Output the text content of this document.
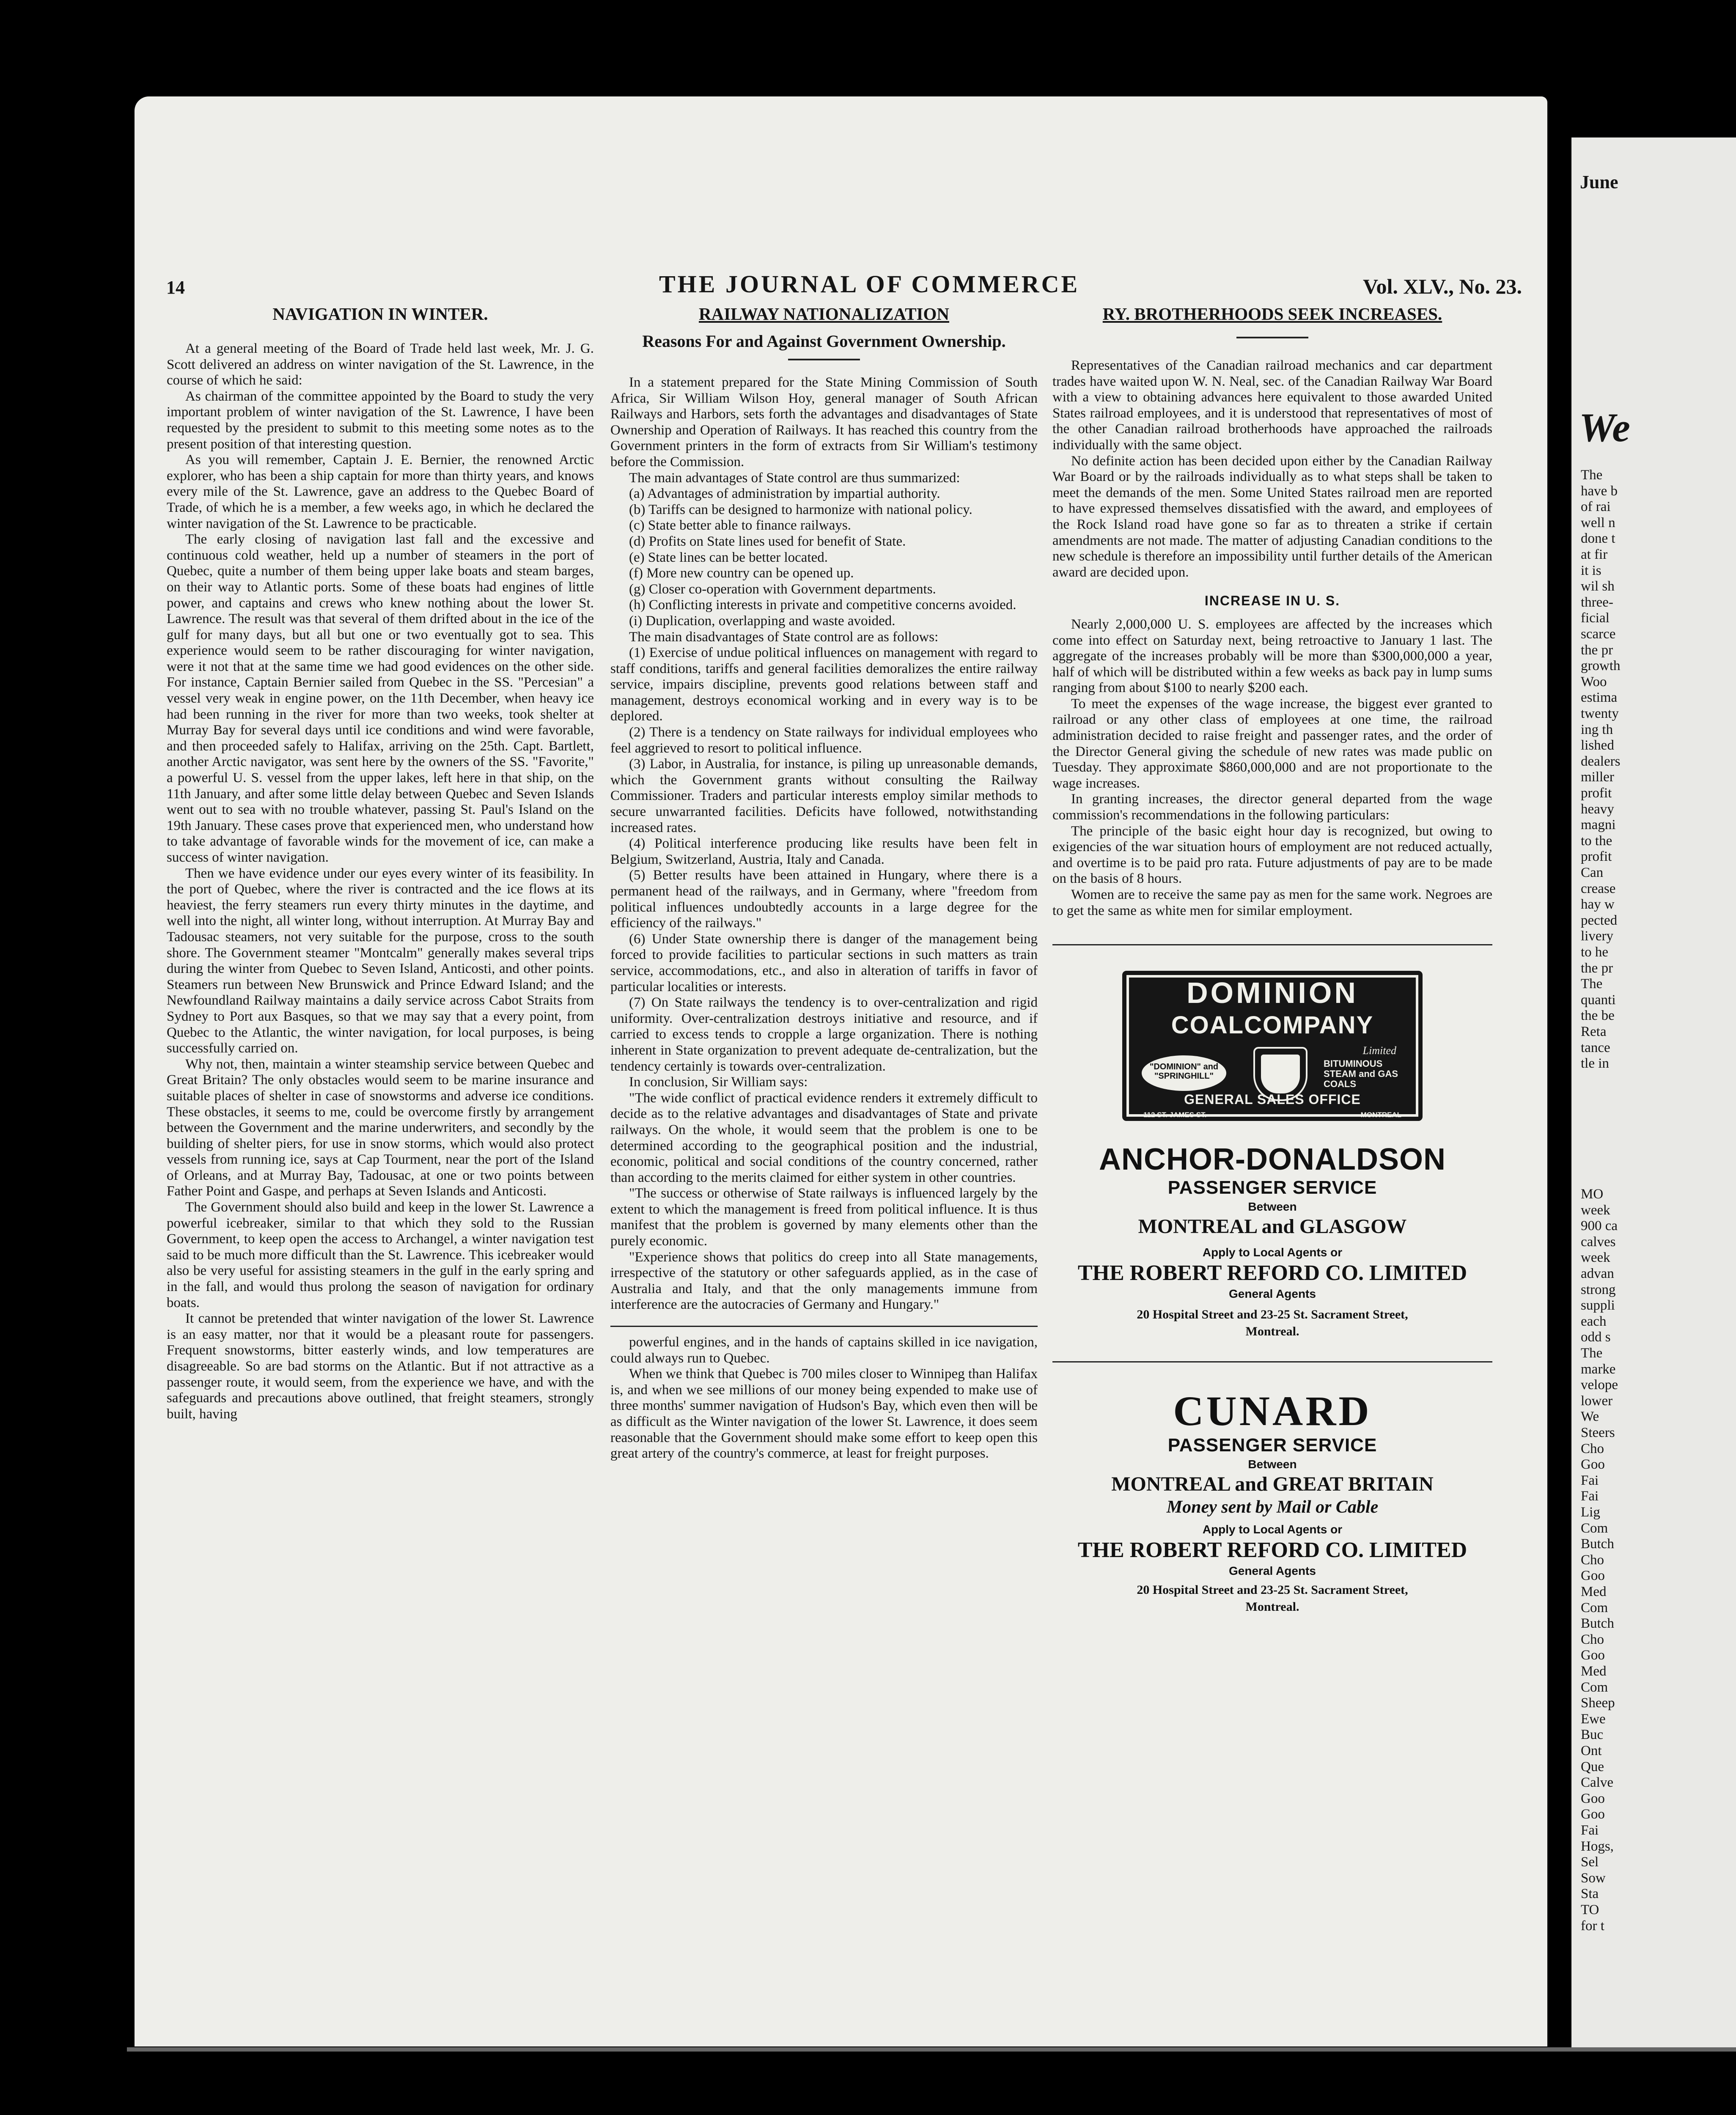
14	THE JOURNAL OF COMMERCE	Vol. XLV., No. 23.
NAVIGATION IN WINTER.

At a general meeting of the Board of Trade held last week, Mr. J. G. Scott delivered an address on winter navigation of the St. Lawrence, in the course of which he said:

As chairman of the committee appointed by the Board to study the very important problem of winter navigation of the St. Lawrence, I have been requested by the president to submit to this meeting some notes as to the present position of that interesting question.

As you will remember, Captain J. E. Bernier, the renowned Arctic explorer, who has been a ship captain for more than thirty years, and knows every mile of the St. Lawrence, gave an address to the Quebec Board of Trade, of which he is a member, a few weeks ago, in which he declared the winter navigation of the St. Lawrence to be practicable.

The early closing of navigation last fall and the excessive and continuous cold weather, held up a number of steamers in the port of Quebec, quite a number of them being upper lake boats and steam barges, on their way to Atlantic ports. Some of these boats had engines of little power, and captains and crews who knew nothing about the lower St. Lawrence. The result was that several of them drifted about in the ice of the gulf for many days, but all but one or two eventually got to sea. This experience would seem to be rather discouraging for winter navigation, were it not that at the same time we had good evidences on the other side. For instance, Captain Bernier sailed from Quebec in the SS. "Percesian" a vessel very weak in engine power, on the 11th December, when heavy ice had been running in the river for more than two weeks, took shelter at Murray Bay for several days until ice conditions and wind were favorable, and then proceeded safely to Halifax, arriving on the 25th. Capt. Bartlett, another Arctic navigator, was sent here by the owners of the SS. "Favorite," a powerful U. S. vessel from the upper lakes, left here in that ship, on the 11th January, and after some little delay between Quebec and Seven Islands went out to sea with no trouble whatever, passing St. Paul's Island on the 19th January. These cases prove that experienced men, who understand how to take advantage of favorable winds for the movement of ice, can make a success of winter navigation.

Then we have evidence under our eyes every winter of its feasibility. In the port of Quebec, where the river is contracted and the ice flows at its heaviest, the ferry steamers run every thirty minutes in the daytime, and well into the night, all winter long, without interruption. At Murray Bay and Tadousac steamers, not very suitable for the purpose, cross to the south shore. The Government steamer "Montcalm" generally makes several trips during the winter from Quebec to Seven Island, Anticosti, and other points. Steamers run between New Brunswick and Prince Edward Island; and the Newfoundland Railway maintains a daily service across Cabot Straits from Sydney to Port aux Basques, so that we may say that a every point, from Quebec to the Atlantic, the winter navigation, for local purposes, is being successfully carried on.

Why not, then, maintain a winter steamship service between Quebec and Great Britain? The only obstacles would seem to be marine insurance and suitable places of shelter in case of snowstorms and adverse ice conditions. These obstacles, it seems to me, could be overcome firstly by arrangement between the Government and the marine underwriters, and secondly by the building of shelter piers, for use in snow storms, which would also protect vessels from running ice, says at Cap Tourment, near the port of the Island of Orleans, and at Murray Bay, Tadousac, at one or two points between Father Point and Gaspe, and perhaps at Seven Islands and Anticosti.

The Government should also build and keep in the lower St. Lawrence a powerful icebreaker, similar to that which they sold to the Russian Government, to keep open the access to Archangel, a winter navigation test said to be much more difficult than the St. Lawrence. This icebreaker would also be very useful for assisting steamers in the gulf in the early spring and in the fall, and would thus prolong the season of navigation for ordinary boats.

It cannot be pretended that winter navigation of the lower St. Lawrence is an easy matter, nor that it would be a pleasant route for passengers. Frequent snowstorms, bitter easterly winds, and low temperatures are disagreeable. So are bad storms on the Atlantic. But if not attractive as a passenger route, it would seem, from the experience we have, and with the safeguards and precautions above outlined, that freight steamers, strongly built, having

RAILWAY NATIONALIZATION
Reasons For and Against Government Ownership.

In a statement prepared for the State Mining Commission of South Africa, Sir William Wilson Hoy, general manager of South African Railways and Harbors, sets forth the advantages and disadvantages of State Ownership and Operation of Railways. It has reached this country from the Government printers in the form of extracts from Sir William's testimony before the Commission.

The main advantages of State control are thus summarized:

(a) Advantages of administration by impartial authority.

(b) Tariffs can be designed to harmonize with national policy.

(c) State better able to finance railways.

(d) Profits on State lines used for benefit of State.

(e) State lines can be better located.

(f) More new country can be opened up.

(g) Closer co-operation with Government departments.

(h) Conflicting interests in private and competitive concerns avoided.

(i) Duplication, overlapping and waste avoided.

The main disadvantages of State control are as follows:

(1) Exercise of undue political influences on management with regard to staff conditions, tariffs and general facilities demoralizes the entire railway service, impairs discipline, prevents good relations between staff and management, destroys economical working and in every way is to be deplored.

(2) There is a tendency on State railways for individual employees who feel aggrieved to resort to political influence.

(3) Labor, in Australia, for instance, is piling up unreasonable demands, which the Government grants without consulting the Railway Commissioner. Traders and particular interests employ similar methods to secure unwarranted facilities. Deficits have followed, notwithstanding increased rates.

(4) Political interference producing like results have been felt in Belgium, Switzerland, Austria, Italy and Canada.

(5) Better results have been attained in Hungary, where there is a permanent head of the railways, and in Germany, where "freedom from political influences undoubtedly accounts in a large degree for the efficiency of the railways."

(6) Under State ownership there is danger of the management being forced to provide facilities to particular sections in such matters as train service, accommodations, etc., and also in alteration of tariffs in favor of particular localities or interests.

(7) On State railways the tendency is to over-centralization and rigid uniformity. Over-centralization destroys initiative and resource, and if carried to excess tends to cropple a large organization. There is nothing inherent in State organization to prevent adequate de-centralization, but the tendency certainly is towards over-centralization.

In conclusion, Sir William says:

"The wide conflict of practical evidence renders it extremely difficult to decide as to the relative advantages and disadvantages of State and private railways. On the whole, it would seem that the problem is one to be determined according to the geographical position and the industrial, economic, political and social conditions of the country concerned, rather than according to the merits claimed for either system in other countries.

"The success or otherwise of State railways is influenced largely by the extent to which the management is freed from political influence. It is thus manifest that the problem is governed by many elements other than the purely economic.

"Experience shows that politics do creep into all State managements, irrespective of the statutory or other safeguards applied, as in the case of Australia and Italy, and that the only managements immune from interference are the autocracies of Germany and Hungary."

powerful engines, and in the hands of captains skilled in ice navigation, could always run to Quebec.

When we think that Quebec is 700 miles closer to Winnipeg than Halifax is, and when we see millions of our money being expended to make use of three months' summer navigation of Hudson's Bay, which even then will be as difficult as the Winter navigation of the lower St. Lawrence, it does seem reasonable that the Government should make some effort to keep open this great artery of the country's commerce, at least for freight purposes.

RY. BROTHERHOODS SEEK INCREASES.

Representatives of the Canadian railroad mechanics and car department trades have waited upon W. N. Neal, sec. of the Canadian Railway War Board with a view to obtaining advances here equivalent to those awarded United States railroad employees, and it is understood that representatives of most of the other Canadian railroad brotherhoods have approached the railroads individually with the same object.

No definite action has been decided upon either by the Canadian Railway War Board or by the railroads individually as to what steps shall be taken to meet the demands of the men. Some United States railroad men are reported to have expressed themselves dissatisfied with the award, and employees of the Rock Island road have gone so far as to threaten a strike if certain amendments are not made. The matter of adjusting Canadian conditions to the new schedule is therefore an impossibility until further details of the American award are decided upon.

INCREASE IN U. S.

Nearly 2,000,000 U. S. employees are affected by the increases which come into effect on Saturday next, being retroactive to January 1 last. The aggregate of the increases probably will be more than $300,000,000 a year, half of which will be distributed within a few weeks as back pay in lump sums ranging from about $100 to nearly $200 each.

To meet the expenses of the wage increase, the biggest ever granted to railroad or any other class of employees at one time, the railroad administration decided to raise freight and passenger rates, and the order of the Director General giving the schedule of new rates was made public on Tuesday. They approximate $860,000,000 and are not proportionate to the wage increases.

In granting increases, the director general departed from the wage commission's recommendations in the following particulars:

The principle of the basic eight hour day is recognized, but owing to exigencies of the war situation hours of employment are not reduced actually, and overtime is to be paid pro rata. Future adjustments of pay are to be made on the basis of 8 hours.

Women are to receive the same pay as men for the same work. Negroes are to get the same as white men for similar employment.

DOMINION
COALCOMPANY
Limited
"DOMINION" and "SPRINGHILL"
BITUMINOUS STEAM and GAS COALS
GENERAL SALES OFFICE
112 ST. JAMES ST.	MONTREAL
ANCHOR-DONALDSON
PASSENGER SERVICE
Between
MONTREAL and GLASGOW
Apply to Local Agents or
THE ROBERT REFORD CO. LIMITED
General Agents
20 Hospital Street and 23-25 St. Sacrament Street,
Montreal.
CUNARD
PASSENGER SERVICE
Between
MONTREAL and GREAT BRITAIN
Money sent by Mail or Cable
Apply to Local Agents or
THE ROBERT REFORD CO. LIMITED
General Agents
20 Hospital Street and 23-25 St. Sacrament Street,
Montreal.
June
We
The
have b
of rai
well n
done t
at fir
it is
wil sh
three-
ficial
scarce
the pr
growth
Woo
estima
twenty
ing th
lished
dealers
miller
profit
heavy
magni
to the
profit
Can
crease
hay w
pected
livery
to he
the pr
The
quanti
the be
Reta
tance
tle in
MO
week
900 ca
calves
week
advan
strong
suppli
each
odd s
The
marke
velope
lower
We
Steers
Cho
Goo
Fai
Fai
Lig
Com
Butch
Cho
Goo
Med
Com
Butch
Cho
Goo
Med
Com
Sheep
Ewe
Buc
Ont
Que
Calve
Goo
Goo
Fai
Hogs,
Sel
Sow
Sta
TO
for t
